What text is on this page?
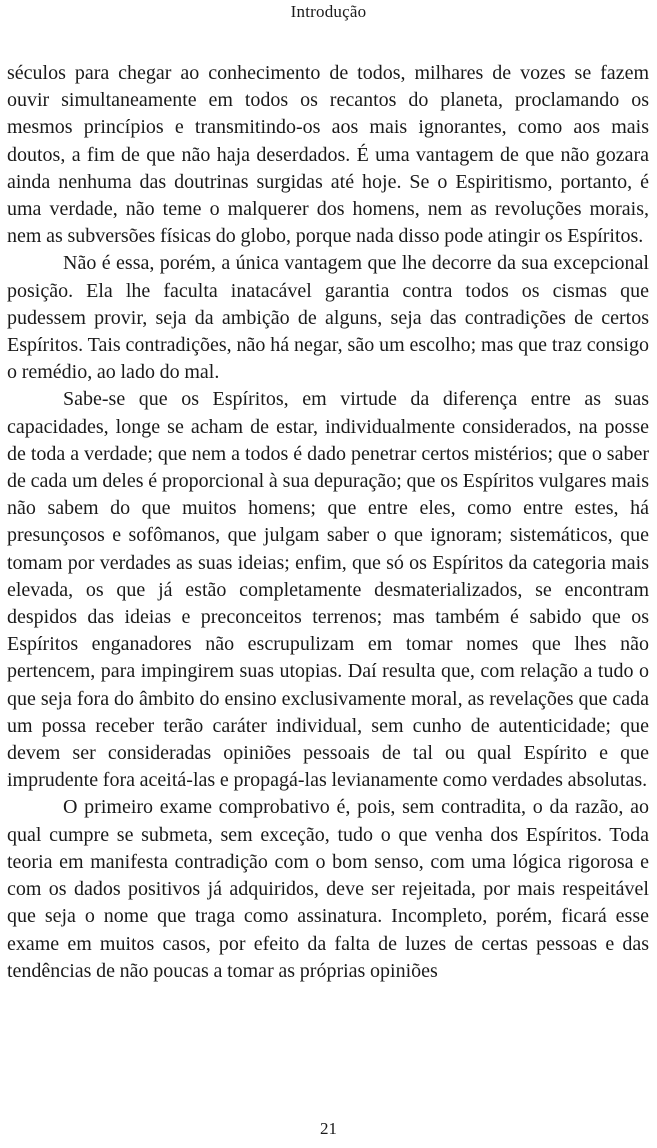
Introdução

séculos para chegar ao conhecimento de todos, milhares de vozes se fazem ouvir simultaneamente em todos os recantos do planeta, proclamando os mesmos princípios e transmitindo-os aos mais ignorantes, como aos mais doutos, a fim de que não haja deserdados. É uma vantagem de que não gozara ainda nenhuma das doutrinas surgidas até hoje. Se o Espiritismo, portanto, é uma verdade, não teme o malquerer dos homens, nem as revoluções morais, nem as subversões físicas do globo, porque nada disso pode atingir os Espíritos.

Não é essa, porém, a única vantagem que lhe decorre da sua excepcional posição. Ela lhe faculta inatacável garantia contra todos os cismas que pudessem provir, seja da ambição de alguns, seja das contradições de certos Espíritos. Tais contradições, não há negar, são um escolho; mas que traz consigo o remédio, ao lado do mal.

Sabe-se que os Espíritos, em virtude da diferença entre as suas capacidades, longe se acham de estar, individualmente considerados, na posse de toda a verdade; que nem a todos é dado penetrar certos mistérios; que o saber de cada um deles é proporcional à sua depuração; que os Espíritos vulgares mais não sabem do que muitos homens; que entre eles, como entre estes, há presunçosos e sofômanos, que julgam saber o que ignoram; sistemáticos, que tomam por verdades as suas ideias; enfim, que só os Espíritos da categoria mais elevada, os que já estão completamente desmaterializados, se encontram despidos das ideias e preconceitos terrenos; mas também é sabido que os Espíritos enganadores não escrupulizam em tomar nomes que lhes não pertencem, para impingirem suas utopias. Daí resulta que, com relação a tudo o que seja fora do âmbito do ensino exclusivamente moral, as revelações que cada um possa receber terão caráter individual, sem cunho de autenticidade; que devem ser consideradas opiniões pessoais de tal ou qual Espírito e que imprudente fora aceitá-las e propagá-las levianamente como verdades absolutas.

O primeiro exame comprobativo é, pois, sem contradita, o da razão, ao qual cumpre se submeta, sem exceção, tudo o que venha dos Espíritos. Toda teoria em manifesta contradição com o bom senso, com uma lógica rigorosa e com os dados positivos já adquiridos, deve ser rejeitada, por mais respeitável que seja o nome que traga como assinatura. Incompleto, porém, ficará esse exame em muitos casos, por efeito da falta de luzes de certas pessoas e das tendências de não poucas a tomar as próprias opiniões

21
